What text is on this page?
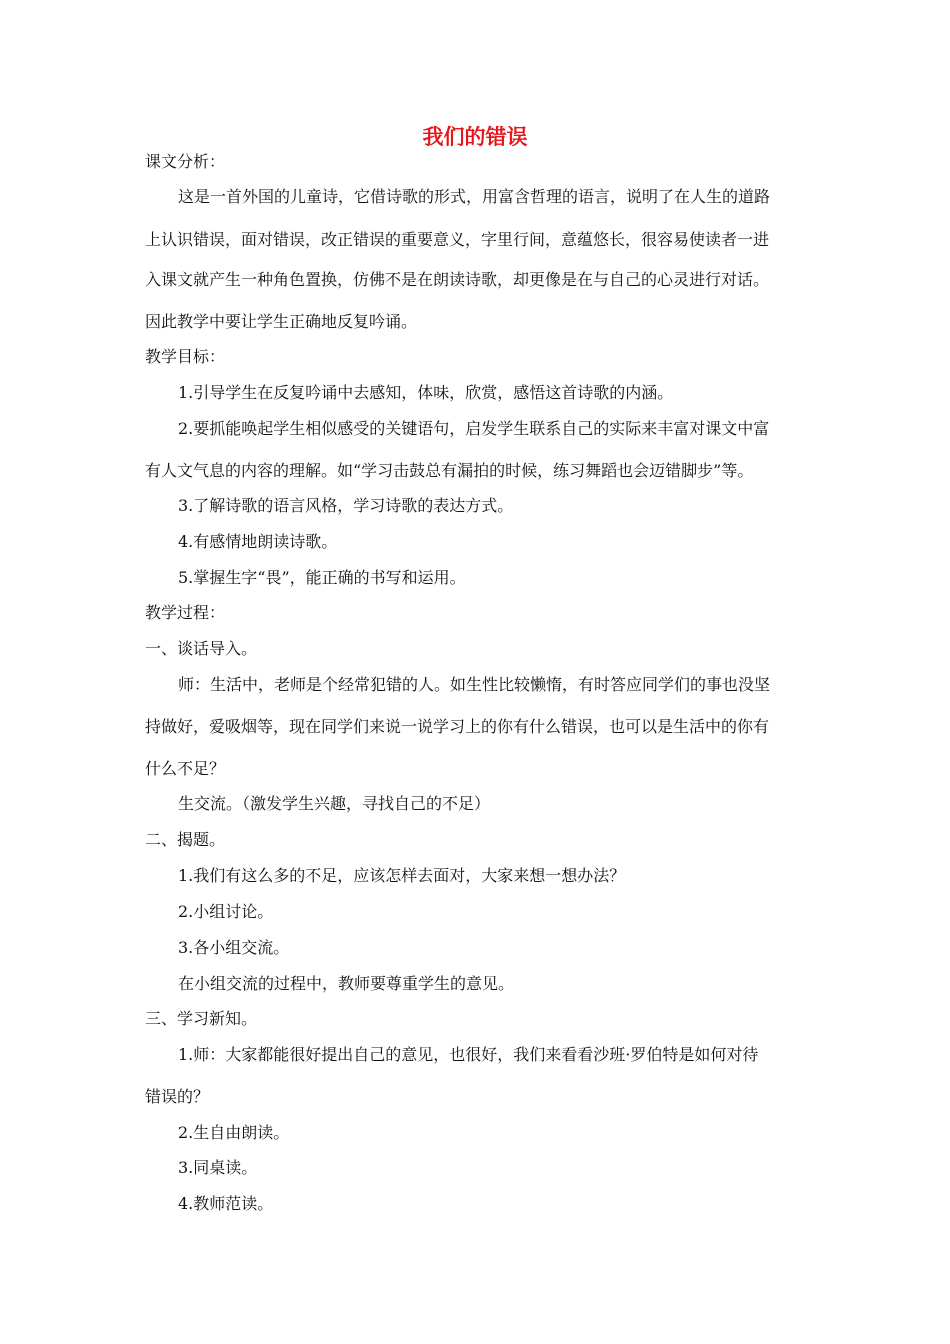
我们的错误
课文分析：
这是一首外国的儿童诗，它借诗歌的形式，用富含哲理的语言，说明了在人生的道路
上认识错误，面对错误，改正错误的重要意义，字里行间，意蕴悠长，很容易使读者一进
入课文就产生一种角色置换，仿佛不是在朗读诗歌，却更像是在与自己的心灵进行对话。
因此教学中要让学生正确地反复吟诵。
教学目标：
1.引导学生在反复吟诵中去感知，体味，欣赏，感悟这首诗歌的内涵。
2.要抓能唤起学生相似感受的关键语句，启发学生联系自己的实际来丰富对课文中富
有人文气息的内容的理解。如“学习击鼓总有漏拍的时候，练习舞蹈也会迈错脚步”等。
3.了解诗歌的语言风格，学习诗歌的表达方式。
4.有感情地朗读诗歌。
5.掌握生字“畏”，能正确的书写和运用。
教学过程：
一、谈话导入。
师：生活中，老师是个经常犯错的人。如生性比较懒惰，有时答应同学们的事也没坚
持做好，爱吸烟等，现在同学们来说一说学习上的你有什么错误，也可以是生活中的你有
什么不足？
生交流。（激发学生兴趣，寻找自己的不足）
二、揭题。
1.我们有这么多的不足，应该怎样去面对，大家来想一想办法？
2.小组讨论。
3.各小组交流。
在小组交流的过程中，教师要尊重学生的意见。
三、学习新知。
1.师：大家都能很好提出自己的意见，也很好，我们来看看沙班·罗伯特是如何对待
错误的？
2.生自由朗读。
3.同桌读。
4.教师范读。
